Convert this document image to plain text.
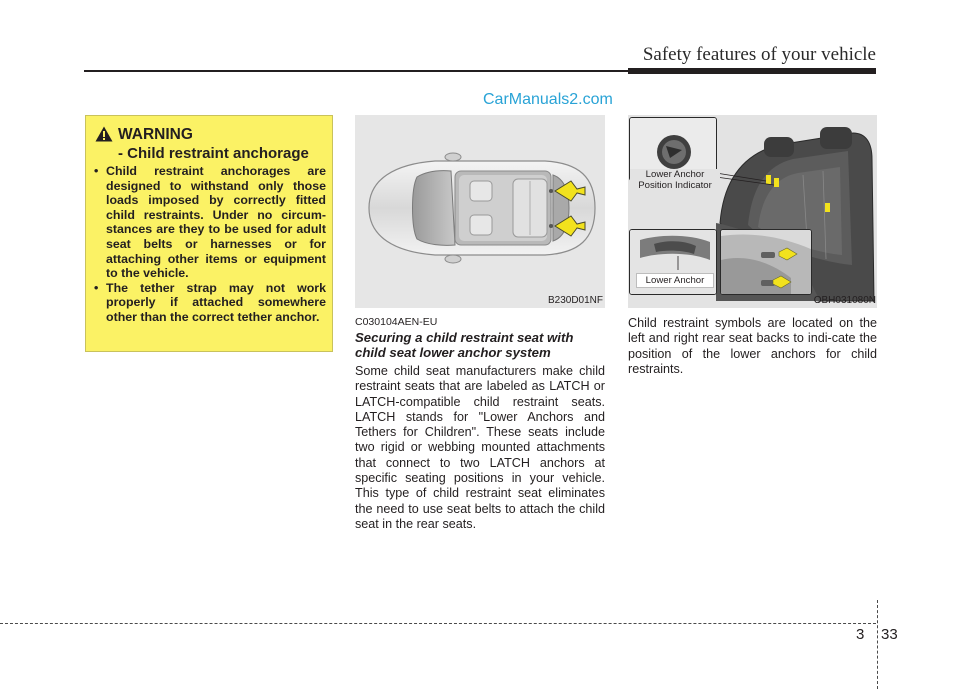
Safety features of your vehicle
CarManuals2.com
WARNING
- Child restraint anchorage
• Child restraint anchorages are designed to withstand only those loads imposed by correctly fitted child restraints. Under no circum-stances are they to be used for adult seat belts or harnesses or for attaching other items or equipment to the vehicle.
• The tether strap may not work properly if attached somewhere other than the correct tether anchor.
B230D01NF
Lower Anchor
Position Indicator
Lower Anchor
OBH031080N
C030104AEN-EU
Securing a child restraint seat with child seat lower anchor system
Some child seat manufacturers make child restraint seats that are labeled as LATCH or LATCH-compatible child restraint seats. LATCH stands for "Lower Anchors and Tethers for Children". These seats include two rigid or webbing mounted attachments that connect to two LATCH anchors at specific seating positions in your vehicle. This type of child restraint seat eliminates the need to use seat belts to attach the child seat in the rear seats.
Child restraint symbols are located on the left and right rear seat backs to indi-cate the position of the lower anchors for child restraints.
3 33
